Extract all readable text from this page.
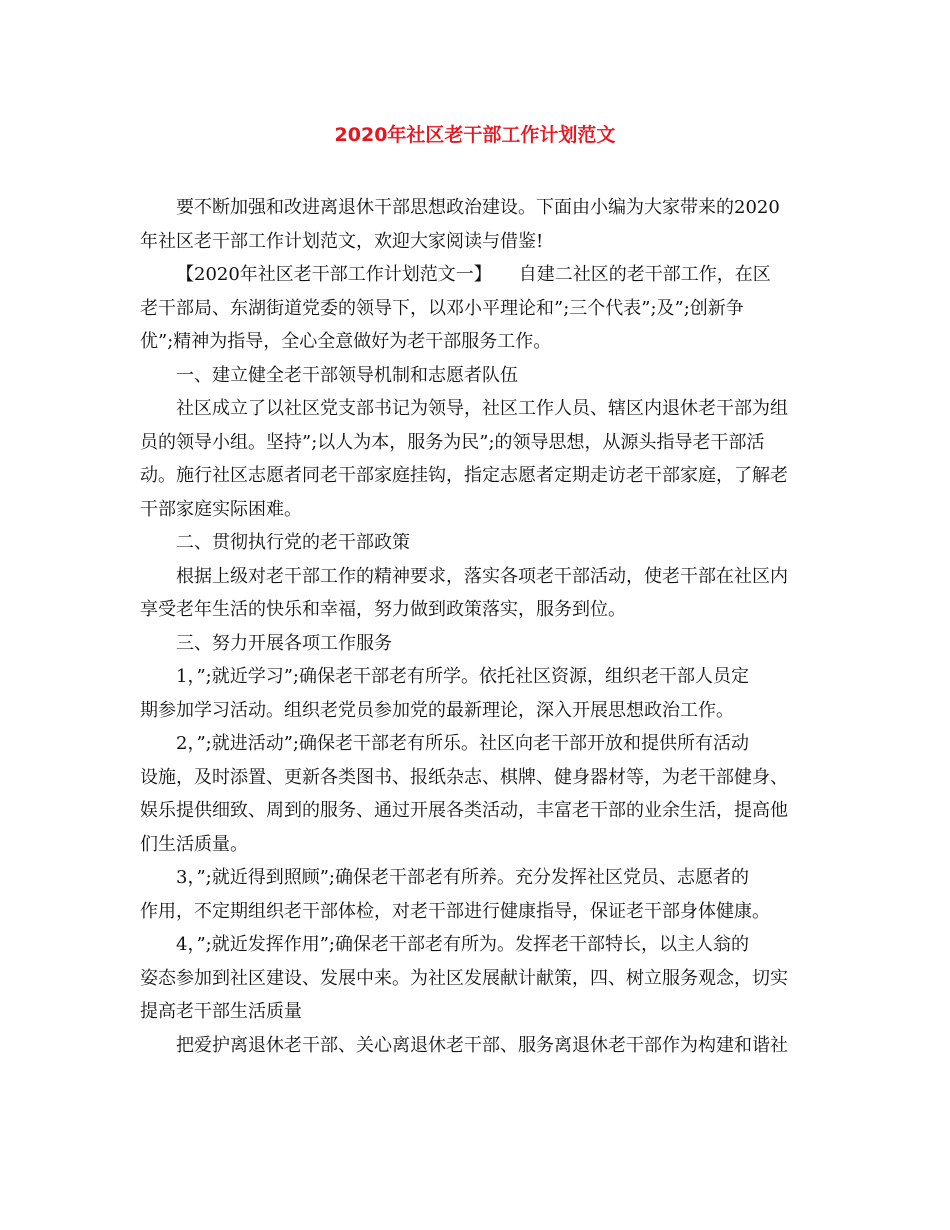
2020年社区老干部工作计划范文
要不断加强和改进离退休干部思想政治建设。下面由小编为大家带来的2020
年社区老干部工作计划范文，欢迎大家阅读与借鉴!
【2020年社区老干部工作计划范文一】　　自建二社区的老干部工作，在区
老干部局、东湖街道党委的领导下，以邓小平理论和”;三个代表”;及”;创新争
优”;精神为指导，全心全意做好为老干部服务工作。
一、建立健全老干部领导机制和志愿者队伍
社区成立了以社区党支部书记为领导，社区工作人员、辖区内退休老干部为组
员的领导小组。坚持”;以人为本，服务为民”;的领导思想，从源头指导老干部活
动。施行社区志愿者同老干部家庭挂钩，指定志愿者定期走访老干部家庭，了解老
干部家庭实际困难。
二、贯彻执行党的老干部政策
根据上级对老干部工作的精神要求，落实各项老干部活动，使老干部在社区内
享受老年生活的快乐和幸福，努力做到政策落实，服务到位。
三、努力开展各项工作服务
1，”;就近学习”;确保老干部老有所学。依托社区资源，组织老干部人员定
期参加学习活动。组织老党员参加党的最新理论，深入开展思想政治工作。
2，”;就进活动”;确保老干部老有所乐。社区向老干部开放和提供所有活动
设施，及时添置、更新各类图书、报纸杂志、棋牌、健身器材等，为老干部健身、
娱乐提供细致、周到的服务、通过开展各类活动，丰富老干部的业余生活，提高他
们生活质量。
3，”;就近得到照顾”;确保老干部老有所养。充分发挥社区党员、志愿者的
作用，不定期组织老干部体检，对老干部进行健康指导，保证老干部身体健康。
4，”;就近发挥作用”;确保老干部老有所为。发挥老干部特长，以主人翁的
姿态参加到社区建设、发展中来。为社区发展献计献策，四、树立服务观念，切实
提高老干部生活质量
把爱护离退休老干部、关心离退休老干部、服务离退休老干部作为构建和谐社
